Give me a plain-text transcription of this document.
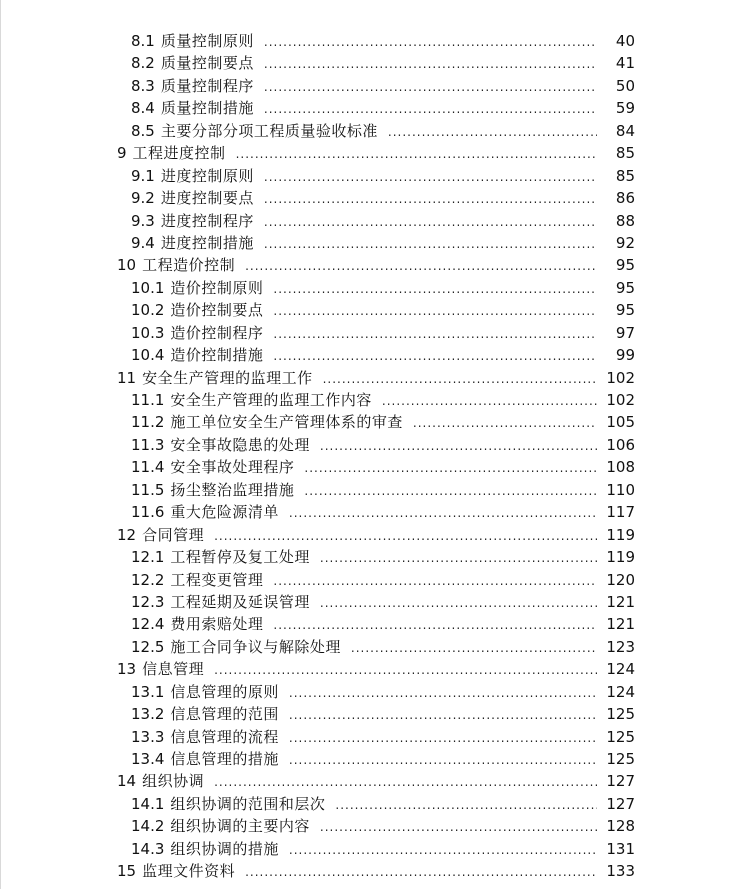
8.1 质量控制原则 .....	40
8.2 质量控制要点 .....	41
8.3 质量控制程序 .....	50
8.4 质量控制措施 .....	59
8.5 主要分部分项工程质量验收标准 .....	84
9 工程进度控制 .....	85
9.1 进度控制原则 .....	85
9.2 进度控制要点 .....	86
9.3 进度控制程序 .....	88
9.4 进度控制措施 .....	92
10 工程造价控制 .....	95
10.1 造价控制原则 .....	95
10.2 造价控制要点 .....	95
10.3 造价控制程序 .....	97
10.4 造价控制措施 .....	99
11 安全生产管理的监理工作 .....	102
11.1 安全生产管理的监理工作内容 .....	102
11.2 施工单位安全生产管理体系的审查 .....	105
11.3 安全事故隐患的处理 .....	106
11.4 安全事故处理程序 .....	108
11.5 扬尘整治监理措施 .....	110
11.6 重大危险源清单 .....	117
12 合同管理 .....	119
12.1 工程暂停及复工处理 .....	119
12.2 工程变更管理 .....	120
12.3 工程延期及延误管理 .....	121
12.4 费用索赔处理 .....	121
12.5 施工合同争议与解除处理 .....	123
13 信息管理 .....	124
13.1 信息管理的原则 .....	124
13.2 信息管理的范围 .....	125
13.3 信息管理的流程 .....	125
13.4 信息管理的措施 .....	125
14 组织协调 .....	127
14.1 组织协调的范围和层次 .....	127
14.2 组织协调的主要内容 .....	128
14.3 组织协调的措施 .....	131
15 监理文件资料 .....	133
